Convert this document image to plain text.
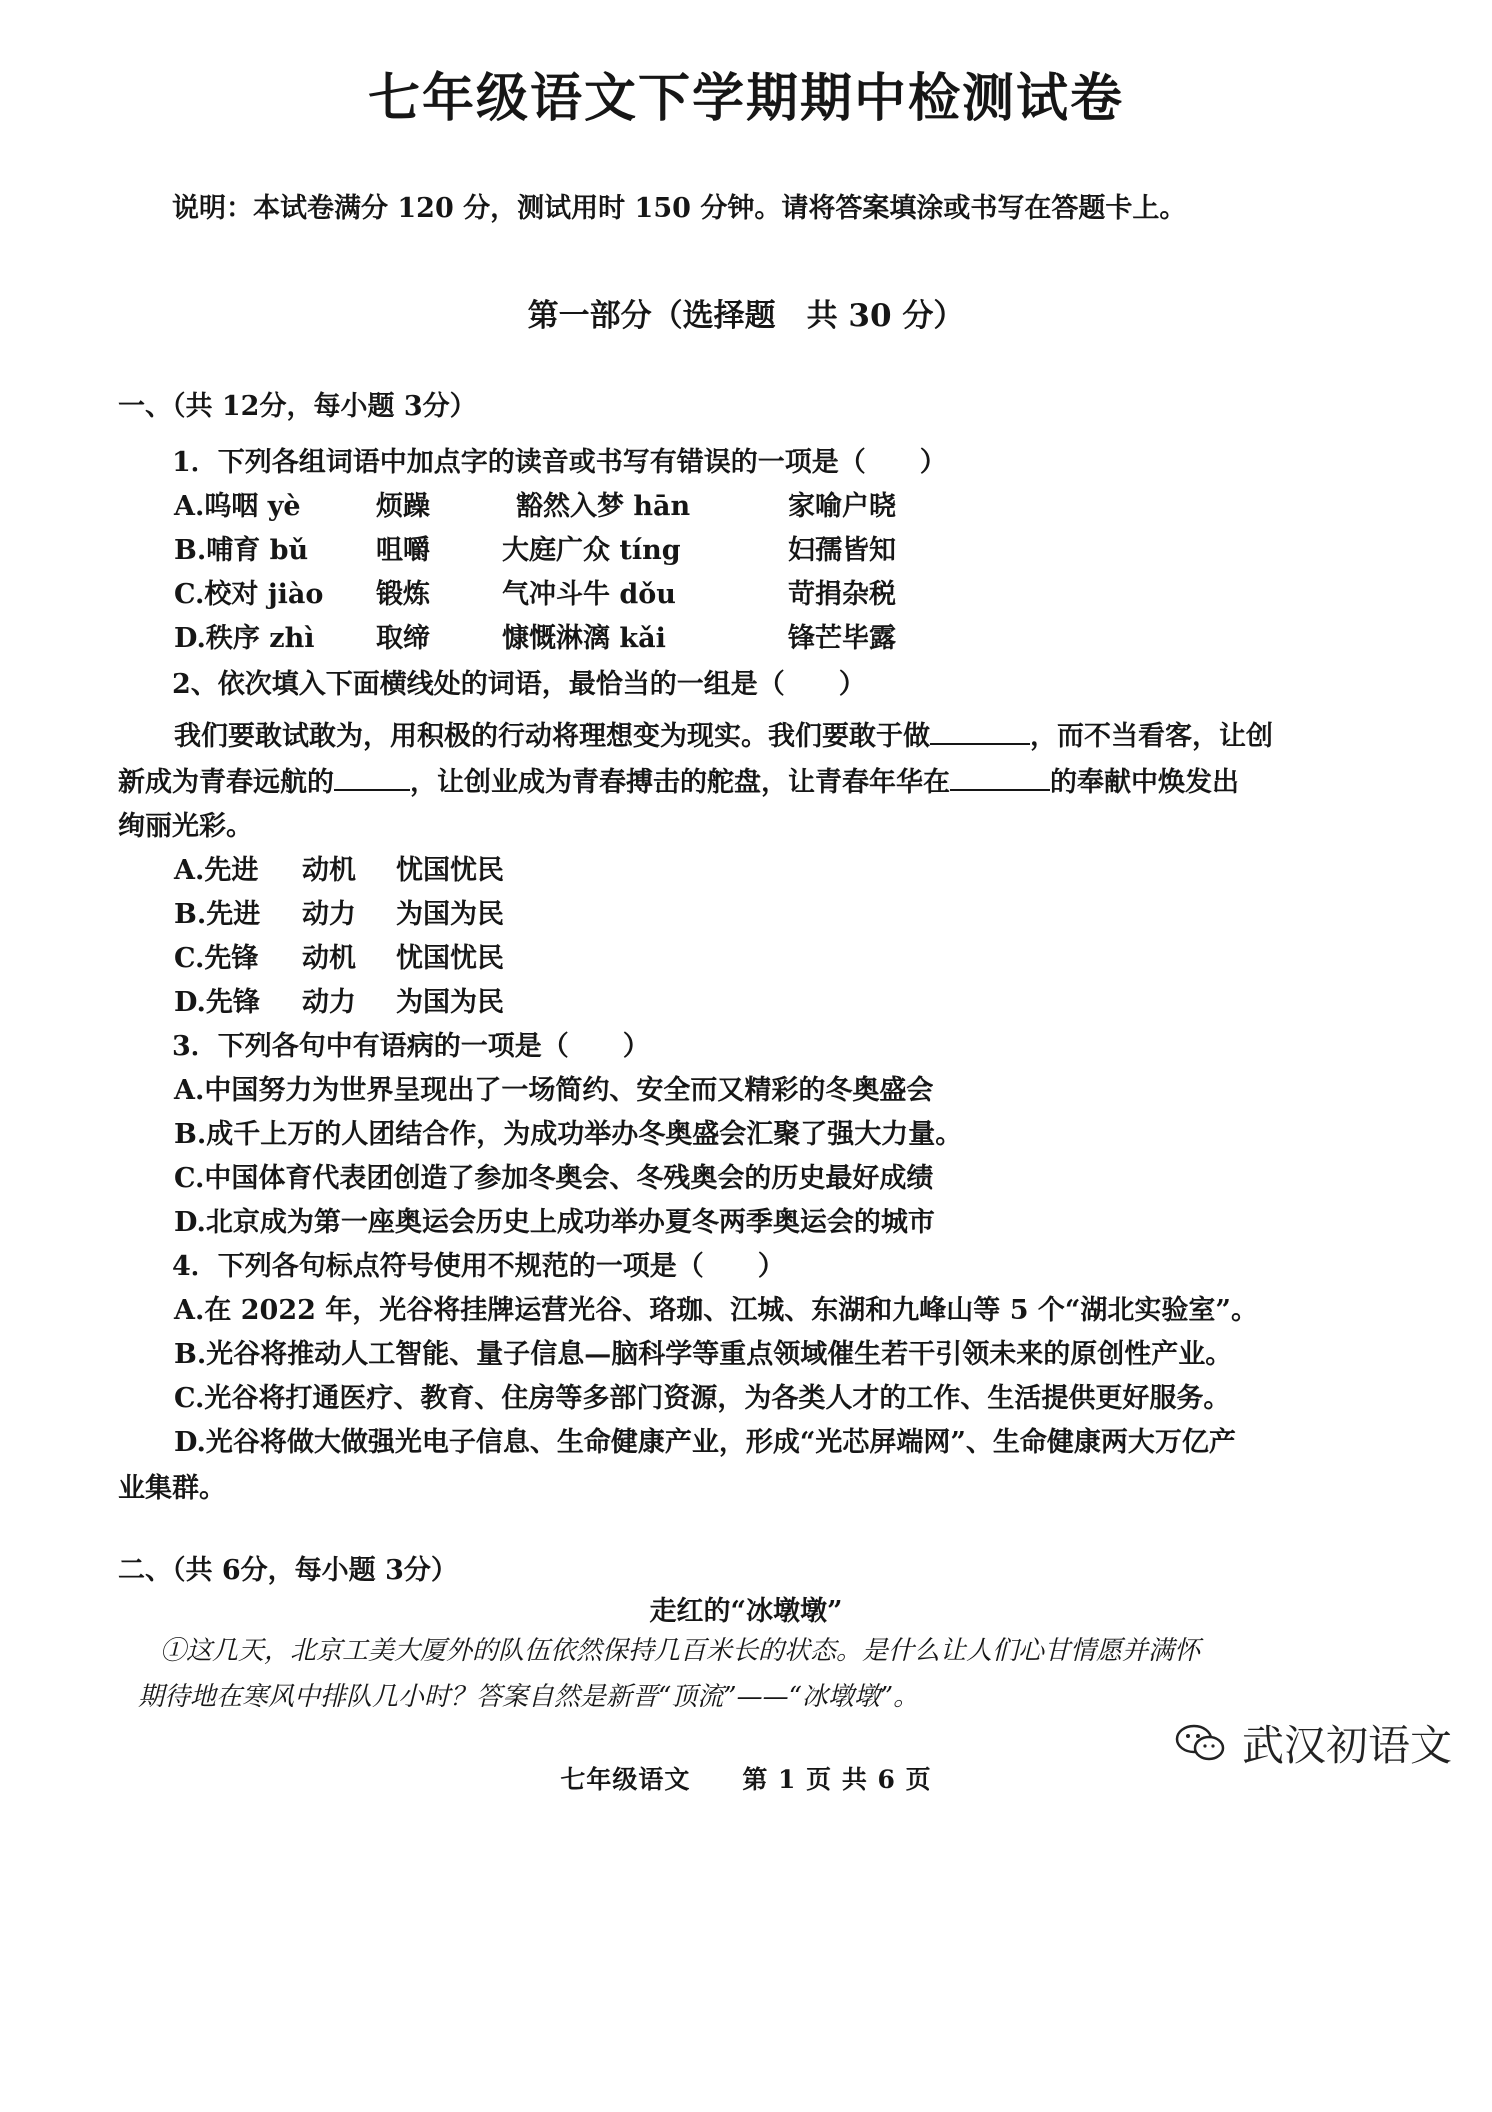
七年级语文下学期期中检测试卷
说明：本试卷满分 120 分，测试用时 150 分钟。请将答案填涂或书写在答题卡上。
第一部分（选择题　共 30 分）
一、（共 12分，每小题 3分）
1．下列各组词语中加点字的读音或书写有错误的一项是（　　）
A.呜咽 yè	烦躁	豁然入梦 hān	家喻户晓
B.哺育 bǔ	咀嚼	大庭广众 tíng	妇孺皆知
C.校对 jiào 锻炼	气冲斗牛 dǒu	苛捐杂税
D.秩序 zhì 取缔	慷慨淋漓 kǎi	锋芒毕露
2、依次填入下面横线处的词语，最恰当的一组是（　　）
我们要敢试敢为，用积极的行动将理想变为现实。我们要敢于做	，而不当看客，让创
新成为青春远航的	，让创业成为青春搏击的舵盘，让青春年华在	的奉献中焕发出
绚丽光彩。
A.先进 动机 忧国忧民
B.先进 动力 为国为民
C.先锋 动机 忧国忧民
D.先锋 动力 为国为民
3．下列各句中有语病的一项是（　　）
A.中国努力为世界呈现出了一场简约、安全而又精彩的冬奥盛会
B.成千上万的人团结合作，为成功举办冬奥盛会汇聚了强大力量。
C.中国体育代表团创造了参加冬奥会、冬残奥会的历史最好成绩
D.北京成为第一座奥运会历史上成功举办夏冬两季奥运会的城市
4．下列各句标点符号使用不规范的一项是（　　）
A.在 2022 年，光谷将挂牌运营光谷、珞珈、江城、东湖和九峰山等 5 个“湖北实验室”。
B.光谷将推动人工智能、量子信息—脑科学等重点领域催生若干引领未来的原创性产业。
C.光谷将打通医疗、教育、住房等多部门资源，为各类人才的工作、生活提供更好服务。
D.光谷将做大做强光电子信息、生命健康产业，形成“光芯屏端网”、生命健康两大万亿产
业集群。
二、（共 6分，每小题 3分）
走红的“冰墩墩”
①这几天，北京工美大厦外的队伍依然保持几百米长的状态。是什么让人们心甘情愿并满怀
期待地在寒风中排队几小时？答案自然是新晋“顶流”——“冰墩墩”。
七年级语文　　第 1 页 共 6 页
武汉初语文
